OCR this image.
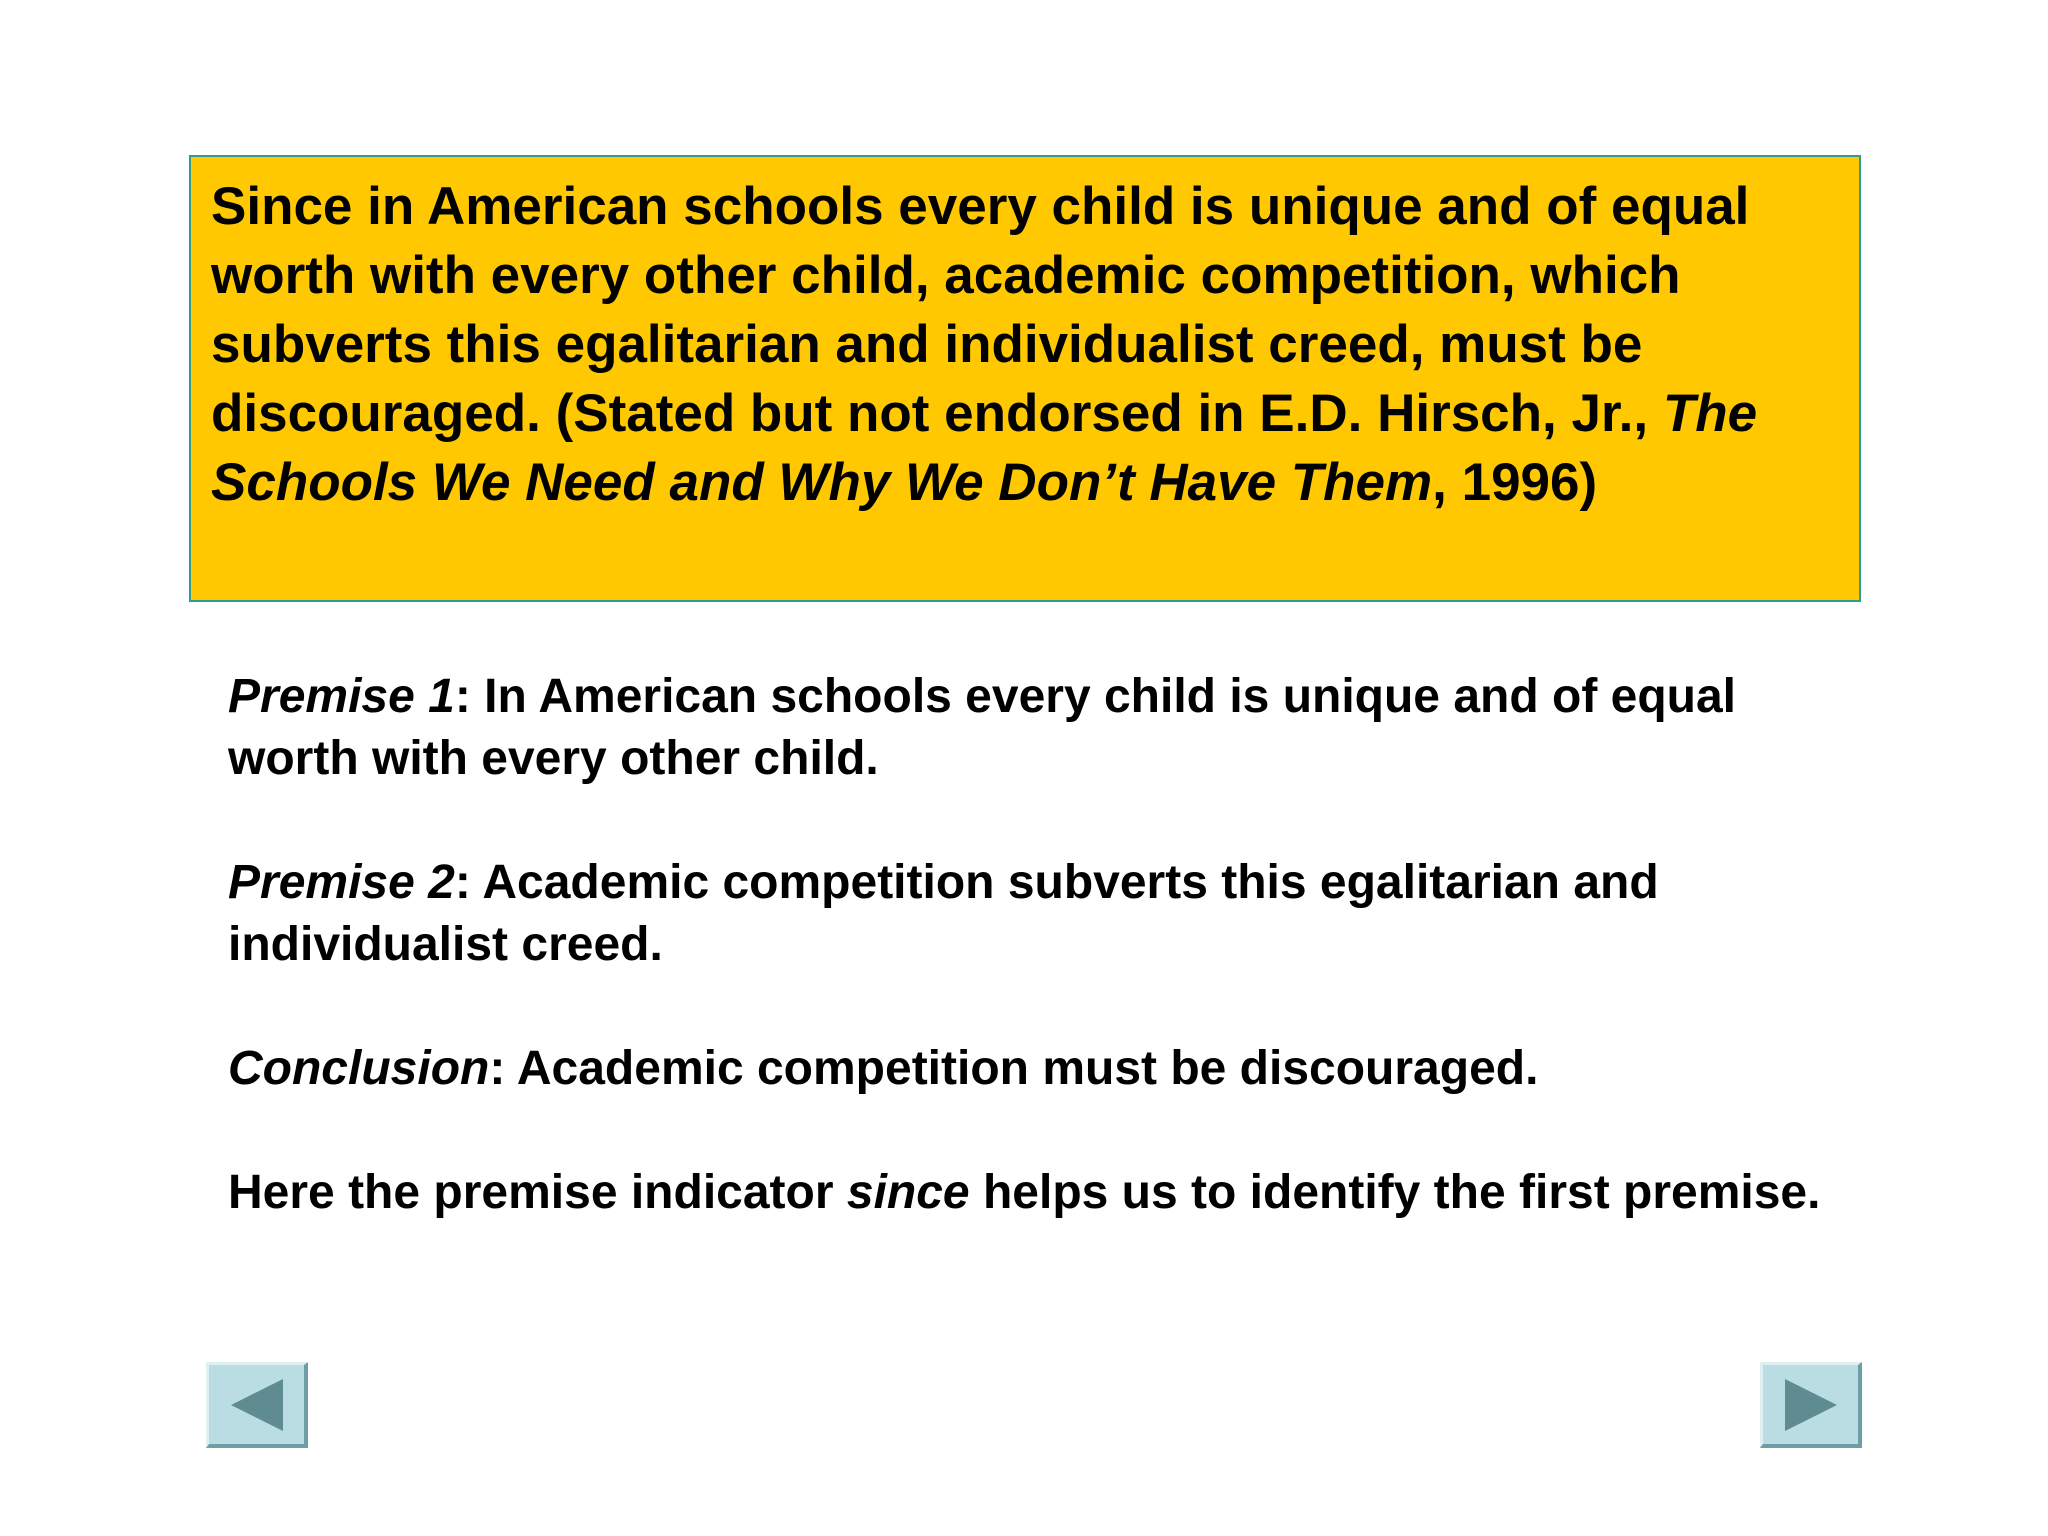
Since in American schools every child is unique and of equal worth with every other child, academic competition, which subverts this egalitarian and individualist creed, must be discouraged. (Stated but not endorsed in E.D. Hirsch, Jr., The Schools We Need and Why We Don’t Have Them, 1996)

Premise 1: In American schools every child is unique and of equal worth with every other child.

Premise 2: Academic competition subverts this egalitarian and individualist creed.

Conclusion: Academic competition must be discouraged.

Here the premise indicator since helps us to identify the first premise.
